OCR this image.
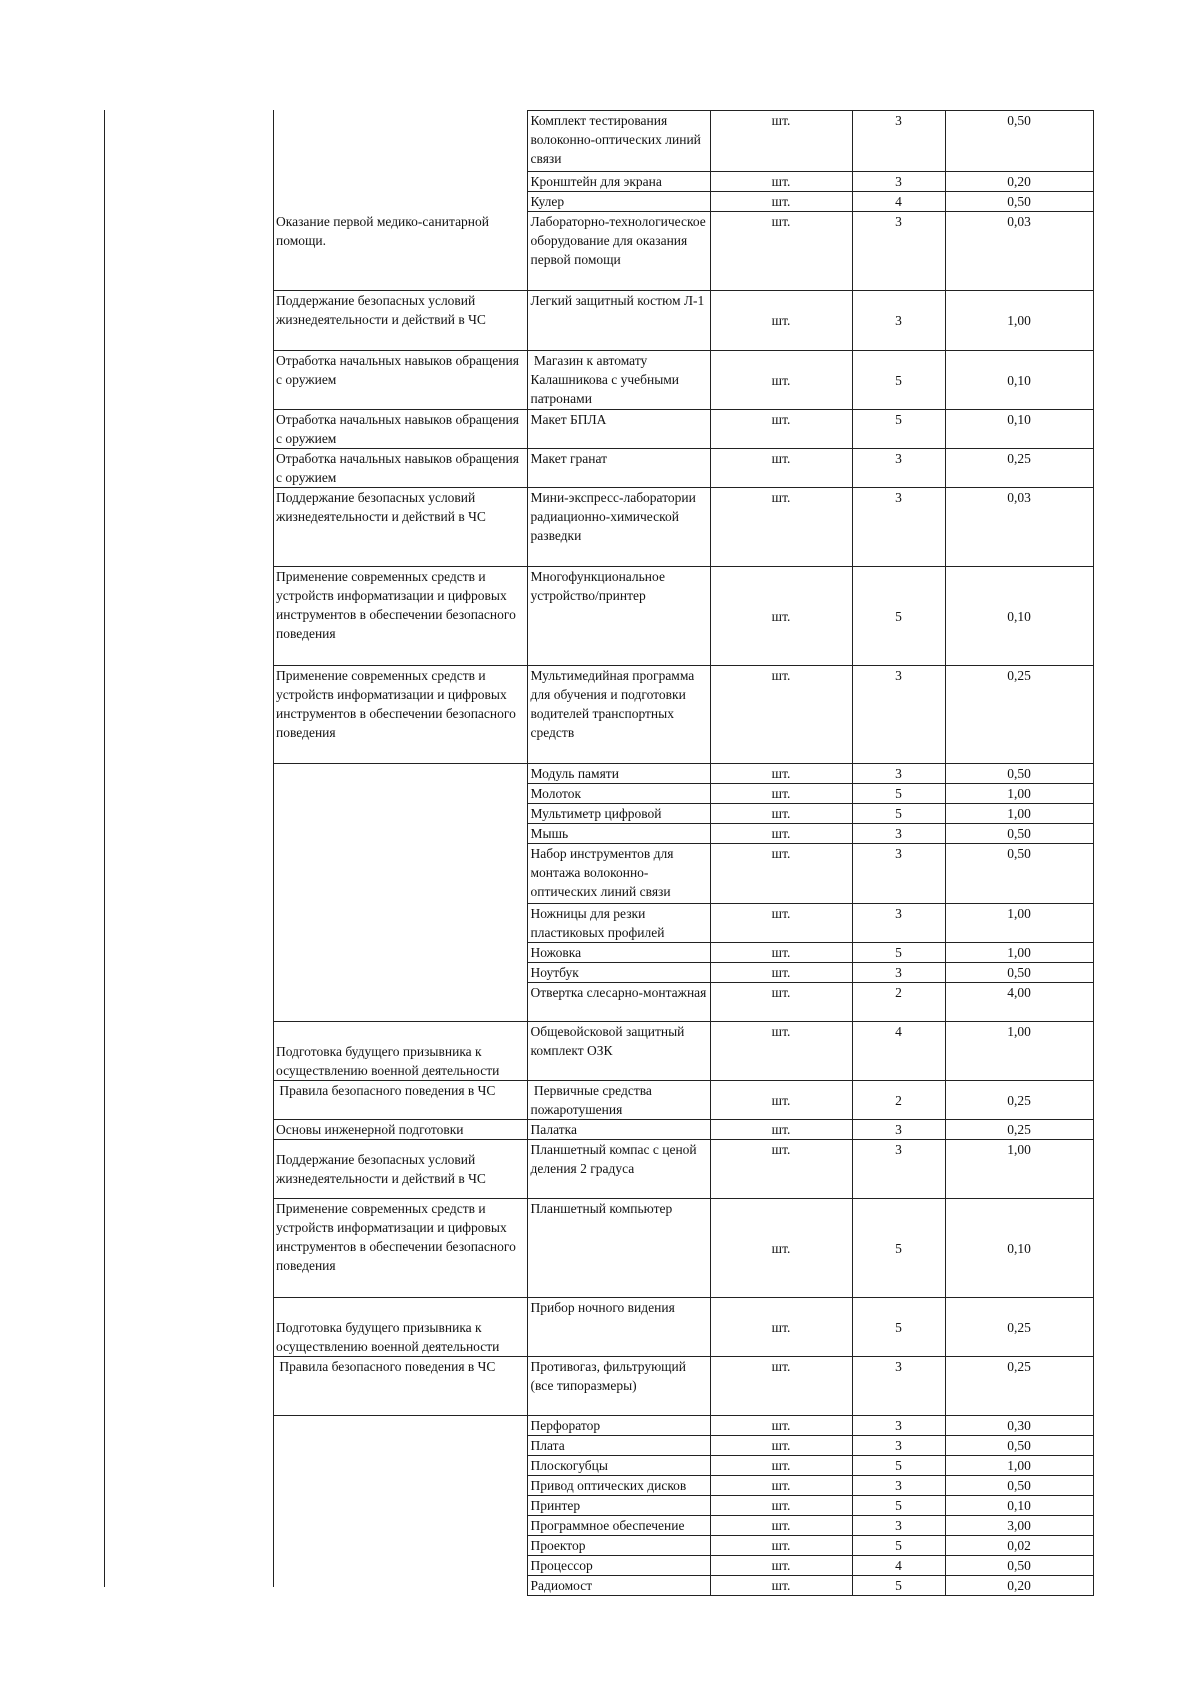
	Комплект тестирования волоконно-оптических линий связи	шт.	3	0,50
	Кронштейн для экрана	шт.	3	0,20
	Кулер	шт.	4	0,50
Оказание первой медико-санитарной помощи.	Лабораторно-технологическое оборудование для оказания первой помощи	шт.	3	0,03
Поддержание безопасных условий жизнедеятельности и действий в ЧС	Легкий защитный костюм Л-1	шт.	3	1,00
Отработка начальных навыков обращения с оружием	Магазин к автомату Калашникова с учебными патронами	шт.	5	0,10
Отработка начальных навыков обращения с оружием	Макет БПЛА	шт.	5	0,10
Отработка начальных навыков обращения с оружием	Макет гранат	шт.	3	0,25
Поддержание безопасных условий жизнедеятельности и действий в ЧС	Мини-экспресс-лаборатории радиационно-химической разведки	шт.	3	0,03
Применение современных средств и устройств информатизации и цифровых инструментов в обеспечении безопасного поведения	Многофункциональное устройство/принтер	шт.	5	0,10
Применение современных средств и устройств информатизации и цифровых инструментов в обеспечении безопасного поведения	Мультимедийная программа для обучения и подготовки водителей транспортных средств	шт.	3	0,25
	Модуль памяти	шт.	3	0,50
	Молоток	шт.	5	1,00
	Мультиметр цифровой	шт.	5	1,00
	Мышь	шт.	3	0,50
	Набор инструментов для монтажа волоконно-оптических линий связи	шт.	3	0,50
	Ножницы для резки пластиковых профилей	шт.	3	1,00
	Ножовка	шт.	5	1,00
	Ноутбук	шт.	3	0,50
	Отвертка слесарно-монтажная	шт.	2	4,00
Подготовка будущего призывника к осуществлению военной деятельности	Общевойсковой защитный комплект ОЗК	шт.	4	1,00
Правила безопасного поведения в ЧС	Первичные средства пожаротушения	шт.	2	0,25
Основы инженерной подготовки	Палатка	шт.	3	0,25
Поддержание безопасных условий жизнедеятельности и действий в ЧС	Планшетный компас с ценой деления 2 градуса	шт.	3	1,00
Применение современных средств и устройств информатизации и цифровых инструментов в обеспечении безопасного поведения	Планшетный компьютер	шт.	5	0,10
Подготовка будущего призывника к осуществлению военной деятельности	Прибор ночного видения	шт.	5	0,25
Правила безопасного поведения в ЧС	Противогаз, фильтрующий (все типоразмеры)	шт.	3	0,25
	Перфоратор	шт.	3	0,30
	Плата	шт.	3	0,50
	Плоскогубцы	шт.	5	1,00
	Привод оптических дисков	шт.	3	0,50
	Принтер	шт.	5	0,10
	Программное обеспечение	шт.	3	3,00
	Проектор	шт.	5	0,02
	Процессор	шт.	4	0,50
	Радиомост	шт.	5	0,20
